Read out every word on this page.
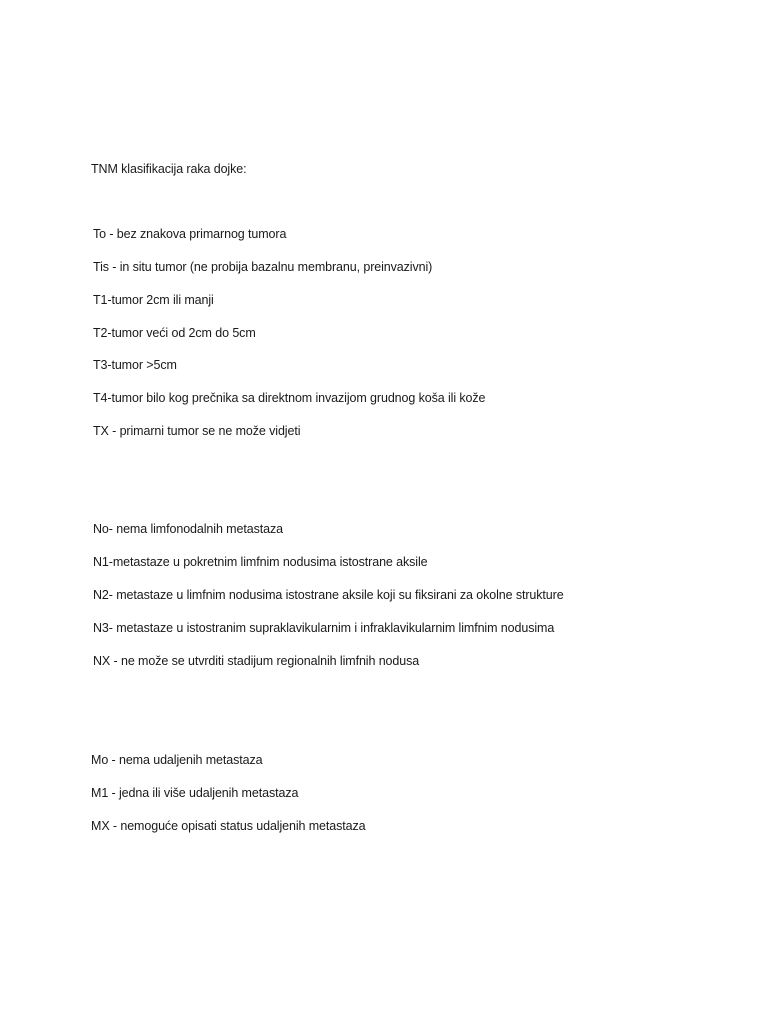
TNM klasifikacija raka dojke:
To - bez znakova primarnog tumora
Tis - in situ tumor (ne probija bazalnu membranu, preinvazivni)
T1-tumor 2cm ili manji
T2-tumor veći od 2cm do 5cm
T3-tumor >5cm
T4-tumor bilo kog prečnika sa direktnom invazijom grudnog koša ili kože
TX - primarni tumor se ne može vidjeti
No- nema limfonodalnih metastaza
N1-metastaze u pokretnim limfnim nodusima istostrane aksile
N2- metastaze u limfnim nodusima istostrane aksile koji su fiksirani za okolne strukture
N3- metastaze u istostranim supraklavikularnim i infraklavikularnim limfnim nodusima
NX - ne može se utvrditi stadijum regionalnih limfnih nodusa
Mo - nema udaljenih metastaza
M1 - jedna ili više udaljenih metastaza
MX - nemoguće opisati status udaljenih metastaza
